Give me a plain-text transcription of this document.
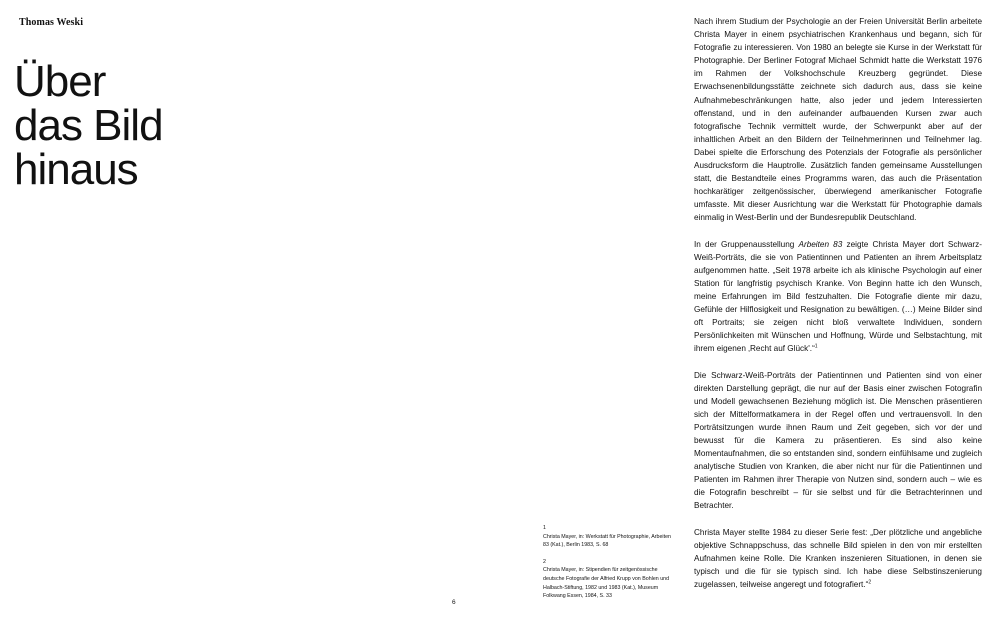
Thomas Weski
Über
das Bild
hinaus

Nach ihrem Studium der Psychologie an der Freien Universität Berlin arbeitete Christa Mayer in einem psychiatrischen Krankenhaus und begann, sich für Fotografie zu interessieren. Von 1980 an belegte sie Kurse in der Werkstatt für Photographie. Der Berliner Fotograf Michael Schmidt hatte die Werkstatt 1976 im Rahmen der Volkshochschule Kreuzberg gegründet. Diese Erwachsenenbildungsstätte zeichnete sich dadurch aus, dass sie keine Aufnahmebeschränkungen hatte, also jeder und jedem Interessierten offenstand, und in den aufeinander aufbauenden Kursen zwar auch fotografische Technik vermittelt wurde, der Schwerpunkt aber auf der inhaltlichen Arbeit an den Bildern der Teilnehmerinnen und Teilnehmer lag. Dabei spielte die Erforschung des Potenzials der Fotografie als persönlicher Ausdrucksform die Hauptrolle. Zusätzlich fanden gemeinsame Ausstellungen statt, die Bestandteile eines Programms waren, das auch die Präsentation hochkarätiger zeitgenössischer, überwiegend amerikanischer Fotografie umfasste. Mit dieser Ausrichtung war die Werkstatt für Photographie damals einmalig in West-Berlin und der Bundesrepublik Deutschland.

In der Gruppenausstellung Arbeiten 83 zeigte Christa Mayer dort Schwarz-Weiß-Porträts, die sie von Patientinnen und Patienten an ihrem Arbeitsplatz aufgenommen hatte. „Seit 1978 arbeite ich als klinische Psychologin auf einer Station für langfristig psychisch Kranke. Von Beginn hatte ich den Wunsch, meine Erfahrungen im Bild festzuhalten. Die Fotografie diente mir dazu, Gefühle der Hilflosigkeit und Resignation zu bewältigen. (…) Meine Bilder sind oft Portraits; sie zeigen nicht bloß verwaltete Individuen, sondern Persönlichkeiten mit Wünschen und Hoffnung, Würde und Selbstachtung, mit ihrem eigenen ‚Recht auf Glück'.“$^1$

Die Schwarz-Weiß-Porträts der Patientinnen und Patienten sind von einer direkten Darstellung geprägt, die nur auf der Basis einer zwischen Fotografin und Modell gewachsenen Beziehung möglich ist. Die Menschen präsentieren sich der Mittelformatkamera in der Regel offen und vertrauensvoll. In den Porträtsitzungen wurde ihnen Raum und Zeit gegeben, sich vor der und bewusst für die Kamera zu präsentieren. Es sind also keine Momentaufnahmen, die so entstanden sind, sondern einfühlsame und zugleich analytische Studien von Kranken, die aber nicht nur für die Patientinnen und Patienten im Rahmen ihrer Therapie von Nutzen sind, sondern auch – wie es die Fotografin beschreibt – für sie selbst und für die Betrachterinnen und Betrachter.

Christa Mayer stellte 1984 zu dieser Serie fest: „Der plötzliche und angebliche objektive Schnappschuss, das schnelle Bild spielen in den von mir erstellten Aufnahmen keine Rolle. Die Kranken inszenieren Situationen, in denen sie typisch und die für sie typisch sind. Ich habe diese Selbstinszenierung zugelassen, teilweise angeregt und fotografiert.“$^2$

1
Christa Mayer, in: Werkstatt für Photographie, Arbeiten 83 (Kat.), Berlin 1983, S. 68
2
Christa Mayer, in: Stipendien für zeitgenössische deutsche Fotografie der Alfried Krupp von Bohlen und Halbach-Stiftung, 1982 und 1983 (Kat.), Museum Folkwang Essen, 1984, S. 33
6
